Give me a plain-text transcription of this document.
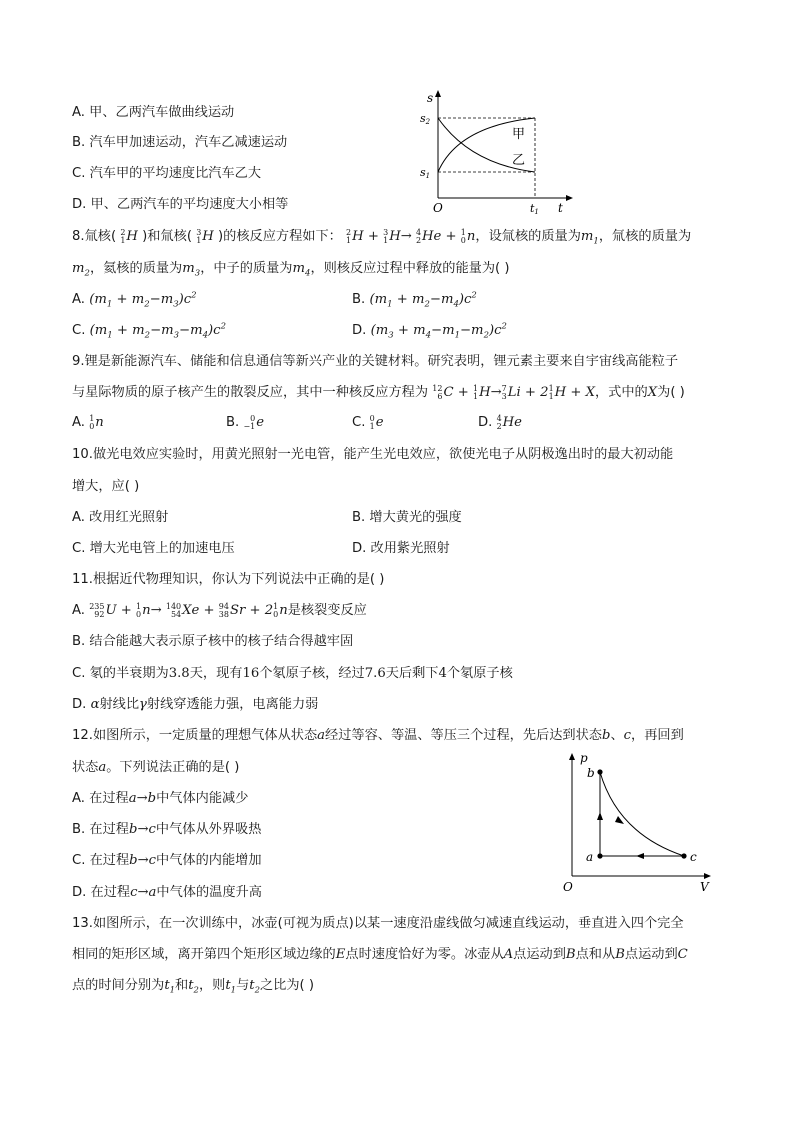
A. 甲、乙两汽车做曲线运动
B. 汽车甲加速运动，汽车乙减速运动
C. 汽车甲的平均速度比汽车乙大
D. 甲、乙两汽车的平均速度大小相等
s
s2
s1
O	t1 t
甲
乙
8.氚核( 2
1 H )和氚核( 3
1 H )的核反应方程如下： 2
1 H + 3
1 H→ 4
2 He + 1
0 n，设氚核的质量为$m_1$，氚核的质量为
$m_2$，氦核的质量为$m_3$，中子的质量为$m_4$，则核反应过程中释放的能量为( )
A. $(m_1 + m_2-m_3)c^2$	B. $(m_1 + m_2-m_4)c^2$
C. $(m_1 + m_2-m_3-m_4)c^2$	D. $(m_3 + m_4-m_1-m_2)c^2$
9.锂是新能源汽车、储能和信息通信等新兴产业的关键材料。研究表明，锂元素主要来自宇宙线高能粒子
与星际物质的原子核产生的散裂反应，其中一种核反应方程为 12
6 C + 1
1 H→ 7
3 Li + 2 1
1 H + X，式中的X为( )
A. 1
0 n	B.	0
−1 e	C. 0
1 e	D. 4
2 He
10.做光电效应实验时，用黄光照射一光电管，能产生光电效应，欲使光电子从阴极逸出时的最大初动能
增大，应( )
A. 改用红光照射	B. 增大黄光的强度
C. 增大光电管上的加速电压	D. 改用紫光照射
11.根据近代物理知识，你认为下列说法中正确的是( )
A. 235
92 U + 1
0 n→ 140
54 Xe + 94
38 Sr + 2 1
0 n是核裂变反应
B. 结合能越大表示原子核中的核子结合得越牢固
C. 氡的半衰期为3.8天，现有16个氡原子核，经过7.6天后剩下4个氡原子核
D. α射线比γ射线穿透能力强，电离能力弱
12.如图所示，一定质量的理想气体从状态a经过等容、等温、等压三个过程，先后达到状态b、c，再回到
状态a。下列说法正确的是( )
A. 在过程a→b中气体内能减少
B. 在过程b→c中气体从外界吸热
C. 在过程b→c中气体的内能增加
D. 在过程c→a中气体的温度升高
p
V
O
a
b
c
13.如图所示，在一次训练中，冰壶(可视为质点)以某一速度沿虚线做匀减速直线运动，垂直进入四个完全
相同的矩形区域，离开第四个矩形区域边缘的E点时速度恰好为零。冰壶从A点运动到B点和从B点运动到C
点的时间分别为$t_1$和$t_2$，则$t_1$与$t_2$之比为( )
